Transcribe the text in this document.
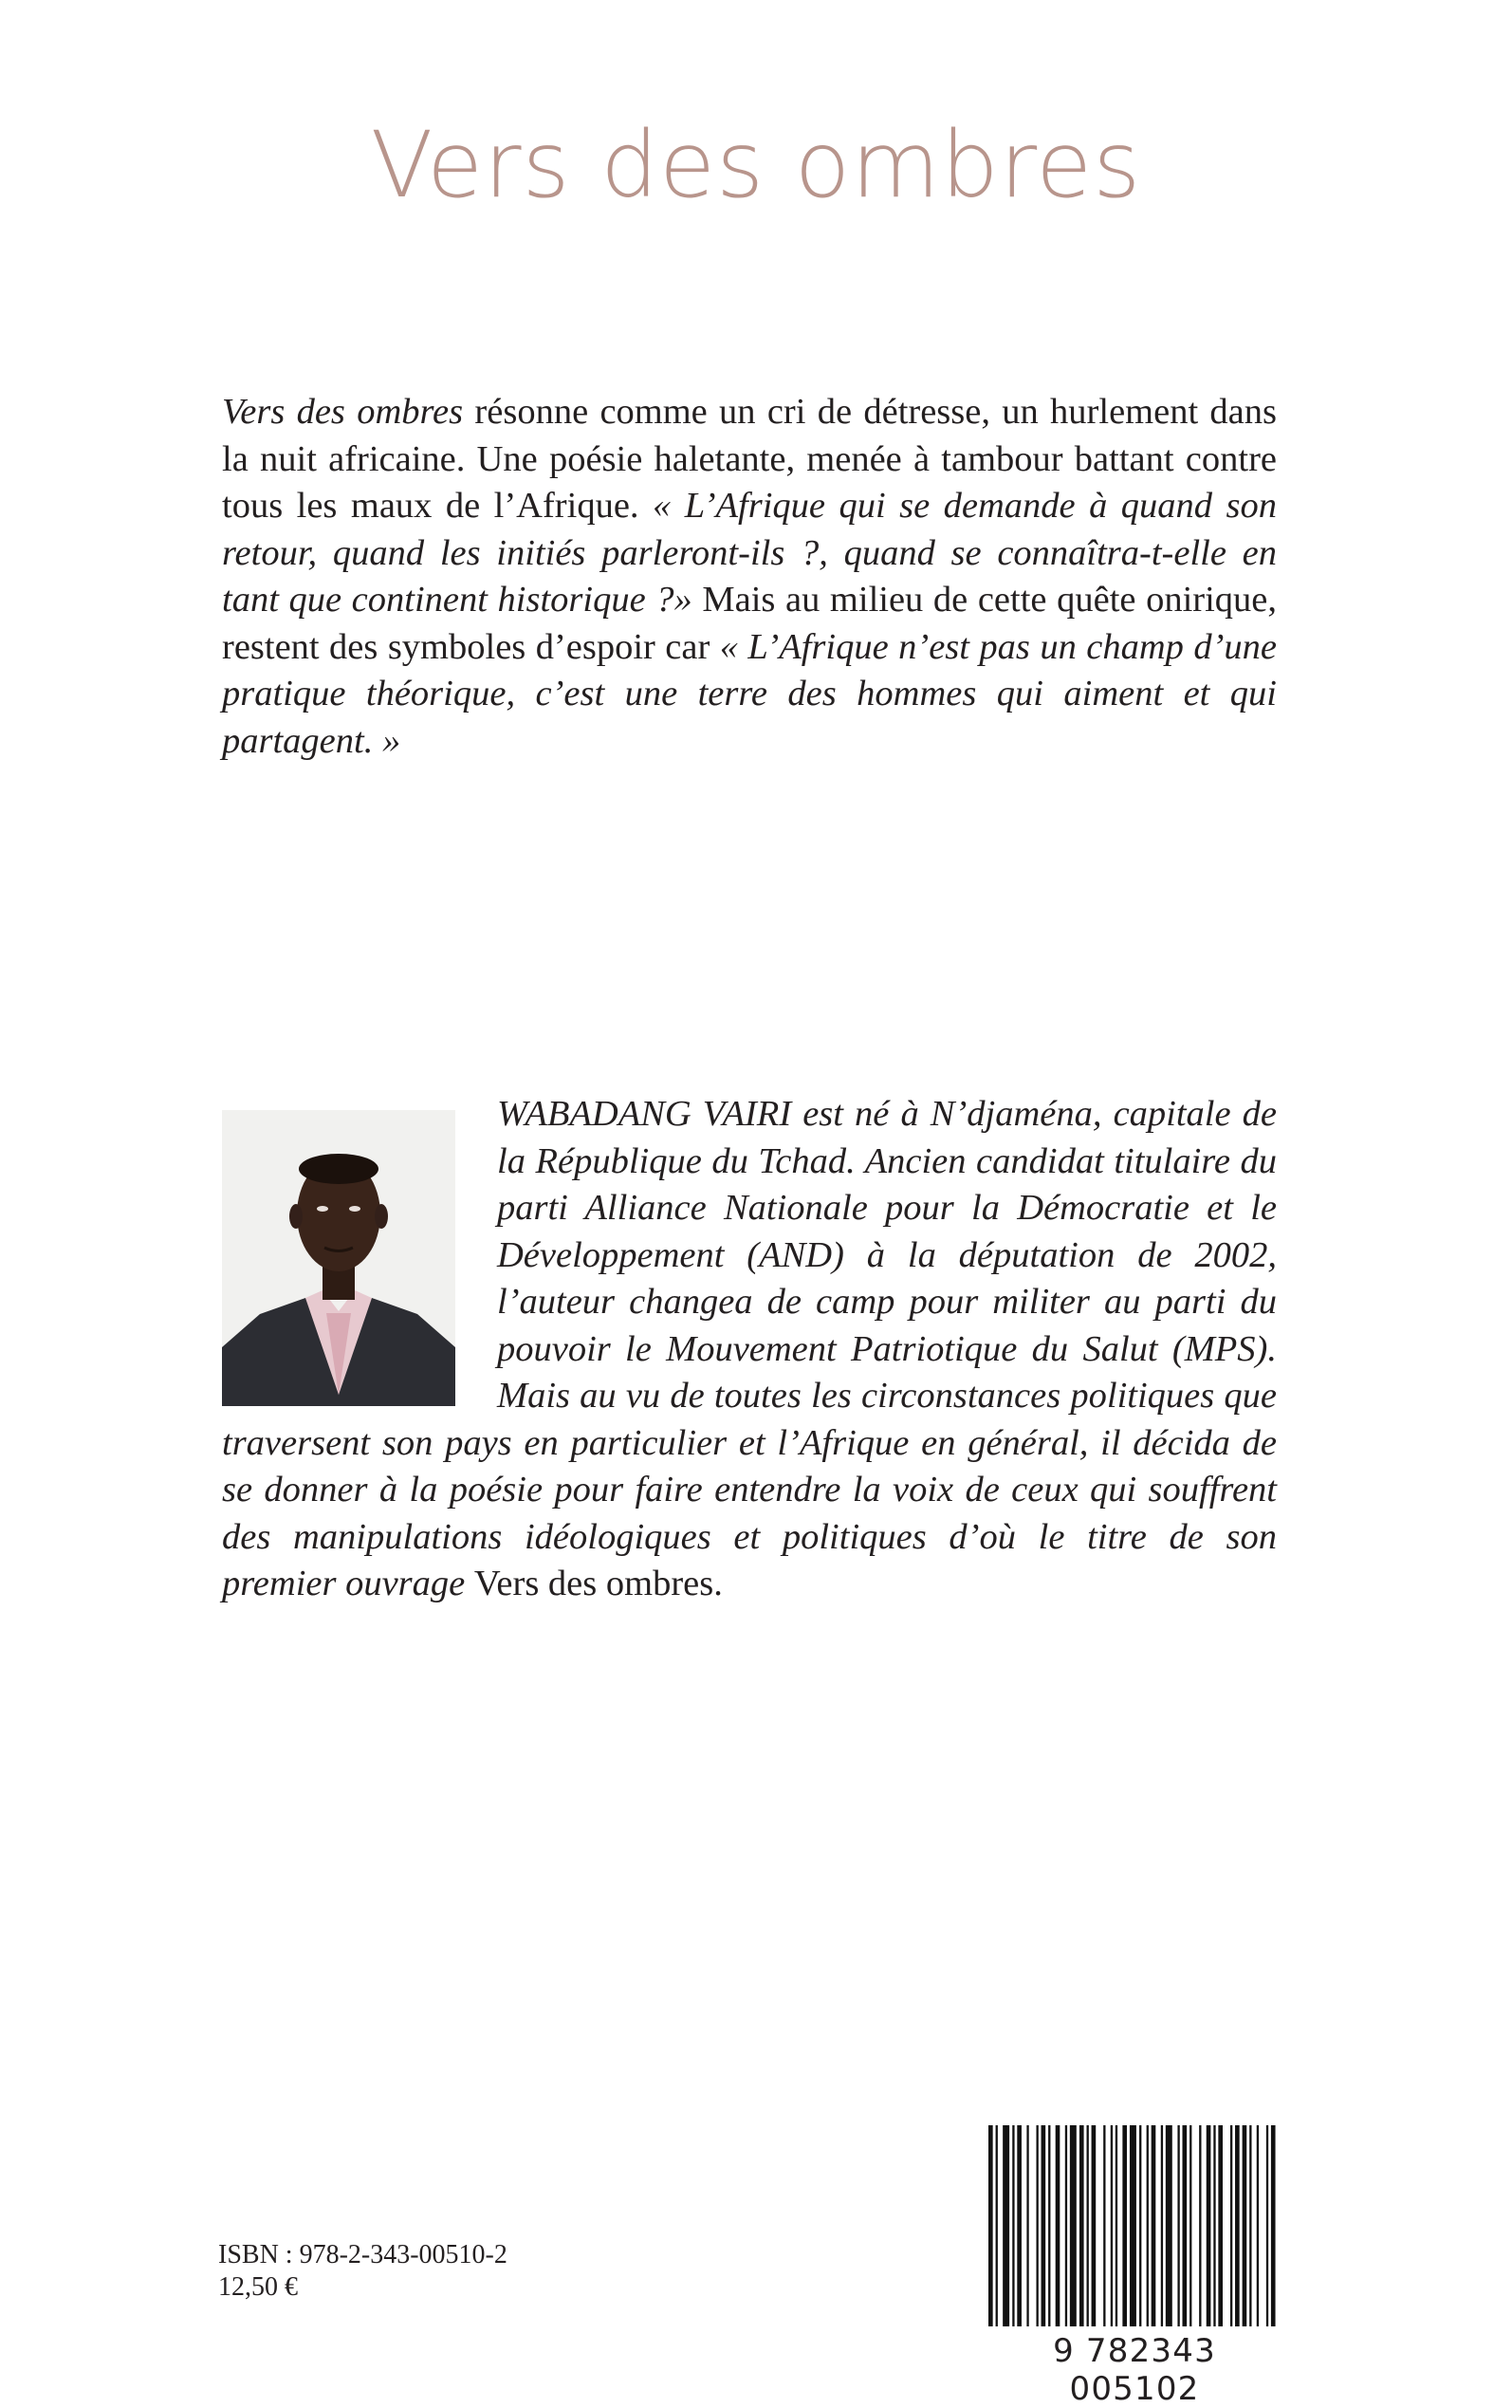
Vers des ombres

Vers des ombres résonne comme un cri de détresse, un hurlement dans la nuit africaine. Une poésie haletante, menée à tambour battant contre tous les maux de l’Afrique. « L’Afrique qui se demande à quand son retour, quand les initiés parleront-ils ?, quand se connaîtra-t-elle en tant que continent historique ?» Mais au milieu de cette quête onirique, restent des symboles d’espoir car « L’Afrique n’est pas un champ d’une pratique théorique, c’est une terre des hommes qui aiment et qui partagent. »

WABADANG VAIRI est né à N’djaména, capitale de la République du Tchad. Ancien candidat titulaire du parti Alliance Nationale pour la Démocratie et le Développement (AND) à la députation de 2002, l’auteur changea de camp pour militer au parti du pouvoir le Mouvement Patriotique du Salut (MPS). Mais au vu de toutes les circonstances politiques que traversent son pays en particulier et l’Afrique en général, il décida de se donner à la poésie pour faire entendre la voix de ceux qui souffrent des manipulations idéologiques et politiques d’où le titre de son premier ouvrage Vers des ombres.

ISBN : 978-2-343-00510-2
12,50 €
9 782343 005102
